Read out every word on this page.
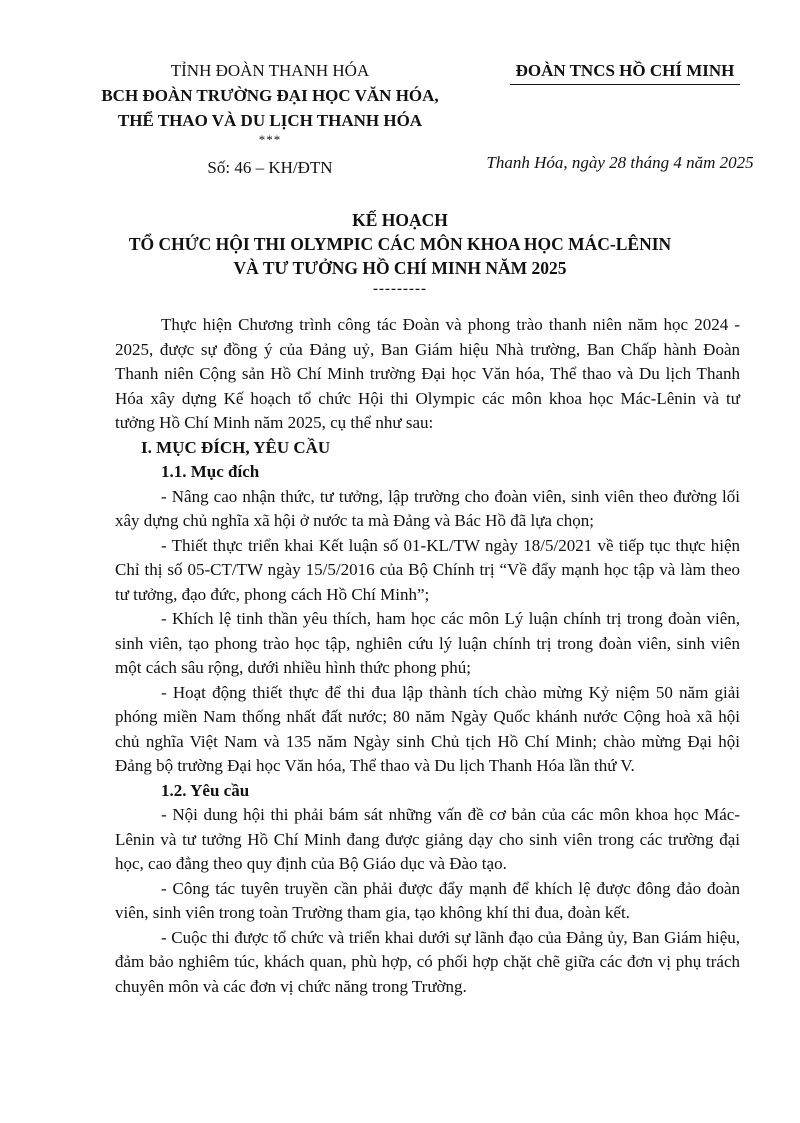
TỈNH ĐOÀN THANH HÓA
BCH ĐOÀN TRƯỜNG ĐẠI HỌC VĂN HÓA,
THỂ THAO VÀ DU LỊCH THANH HÓA
***
Số: 46 – KH/ĐTN
ĐOÀN TNCS HỒ CHÍ MINH
Thanh Hóa, ngày 28 tháng 4 năm 2025
KẾ HOẠCH
TỔ CHỨC HỘI THI OLYMPIC CÁC MÔN KHOA HỌC MÁC-LÊNIN
VÀ TƯ TƯỞNG HỒ CHÍ MINH NĂM 2025
---------

Thực hiện Chương trình công tác Đoàn và phong trào thanh niên năm học 2024 - 2025, được sự đồng ý của Đảng uỷ, Ban Giám hiệu Nhà trường, Ban Chấp hành Đoàn Thanh niên Cộng sản Hồ Chí Minh trường Đại học Văn hóa, Thể thao và Du lịch Thanh Hóa xây dựng Kế hoạch tổ chức Hội thi Olympic các môn khoa học Mác-Lênin và tư tưởng Hồ Chí Minh năm 2025, cụ thể như sau:

I. MỤC ĐÍCH, YÊU CẦU

1.1. Mục đích

- Nâng cao nhận thức, tư tưởng, lập trường cho đoàn viên, sinh viên theo đường lối xây dựng chủ nghĩa xã hội ở nước ta mà Đảng và Bác Hồ đã lựa chọn;

- Thiết thực triển khai Kết luận số 01-KL/TW ngày 18/5/2021 về tiếp tục thực hiện Chỉ thị số 05-CT/TW ngày 15/5/2016 của Bộ Chính trị “Về đẩy mạnh học tập và làm theo tư tưởng, đạo đức, phong cách Hồ Chí Minh”;

- Khích lệ tinh thần yêu thích, ham học các môn Lý luận chính trị trong đoàn viên, sinh viên, tạo phong trào học tập, nghiên cứu lý luận chính trị trong đoàn viên, sinh viên một cách sâu rộng, dưới nhiều hình thức phong phú;

- Hoạt động thiết thực để thi đua lập thành tích chào mừng Kỷ niệm 50 năm giải phóng miền Nam thống nhất đất nước; 80 năm Ngày Quốc khánh nước Cộng hoà xã hội chủ nghĩa Việt Nam và 135 năm Ngày sinh Chủ tịch Hồ Chí Minh; chào mừng Đại hội Đảng bộ trường Đại học Văn hóa, Thể thao và Du lịch Thanh Hóa lần thứ V.

1.2. Yêu cầu

- Nội dung hội thi phải bám sát những vấn đề cơ bản của các môn khoa học Mác- Lênin và tư tưởng Hồ Chí Minh đang được giảng dạy cho sinh viên trong các trường đại học, cao đẳng theo quy định của Bộ Giáo dục và Đào tạo.

- Công tác tuyên truyền cần phải được đẩy mạnh để khích lệ được đông đảo đoàn viên, sinh viên trong toàn Trường tham gia, tạo không khí thi đua, đoàn kết.

- Cuộc thi được tổ chức và triển khai dưới sự lãnh đạo của Đảng ủy, Ban Giám hiệu, đảm bảo nghiêm túc, khách quan, phù hợp, có phối hợp chặt chẽ giữa các đơn vị phụ trách chuyên môn và các đơn vị chức năng trong Trường.
